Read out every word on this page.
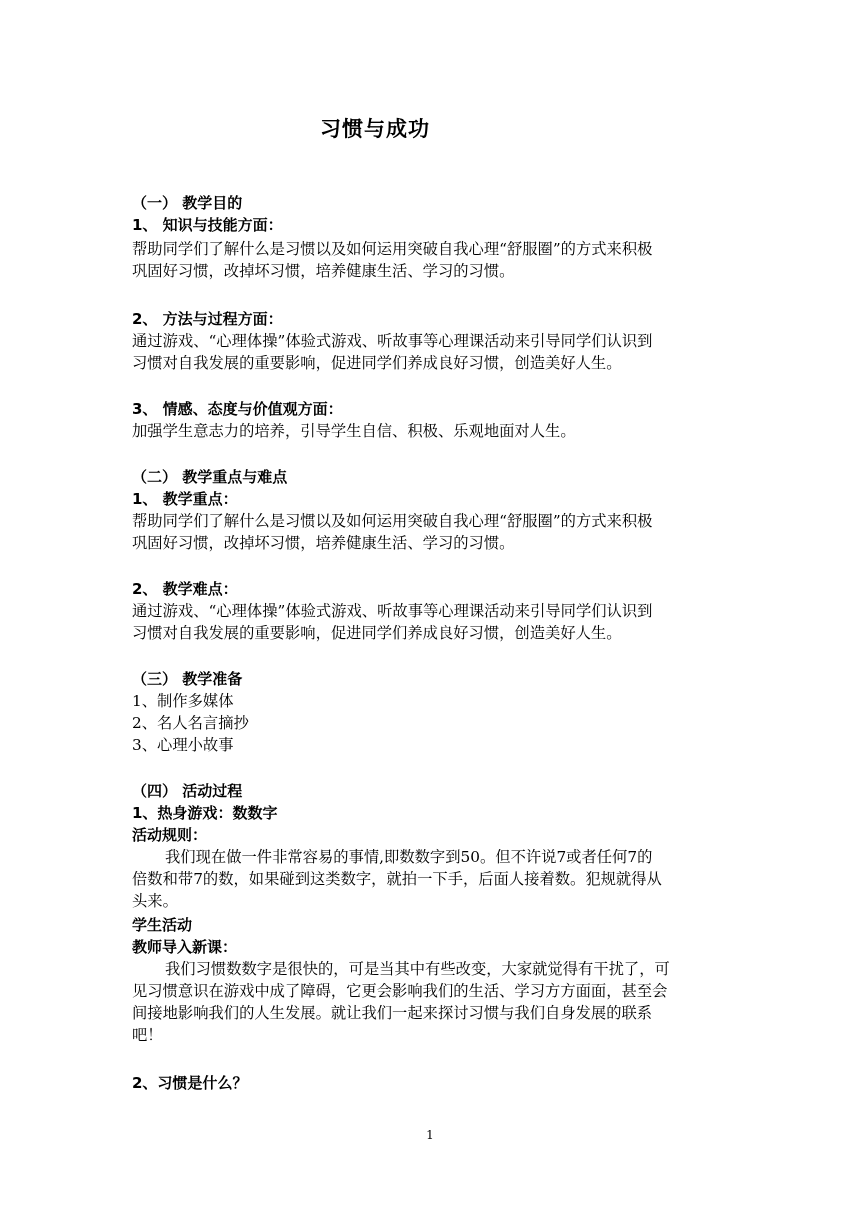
习惯与成功
（一） 教学目的
1、 知识与技能方面：
帮助同学们了解什么是习惯以及如何运用突破自我心理“舒服圈”的方式来积极
巩固好习惯，改掉坏习惯，培养健康生活、学习的习惯。
2、 方法与过程方面：
通过游戏、“心理体操”体验式游戏、听故事等心理课活动来引导同学们认识到
习惯对自我发展的重要影响，促进同学们养成良好习惯，创造美好人生。
3、 情感、态度与价值观方面：
加强学生意志力的培养，引导学生自信、积极、乐观地面对人生。
（二） 教学重点与难点
1、 教学重点：
帮助同学们了解什么是习惯以及如何运用突破自我心理“舒服圈”的方式来积极
巩固好习惯，改掉坏习惯，培养健康生活、学习的习惯。
2、 教学难点：
通过游戏、“心理体操”体验式游戏、听故事等心理课活动来引导同学们认识到
习惯对自我发展的重要影响，促进同学们养成良好习惯，创造美好人生。
（三） 教学准备
1、制作多媒体
2、名人名言摘抄
3、心理小故事
（四） 活动过程
1、热身游戏：数数字
活动规则：
我们现在做一件非常容易的事情,即数数字到50。但不许说7或者任何7的
倍数和带7的数，如果碰到这类数字，就拍一下手，后面人接着数。犯规就得从
头来。
学生活动
教师导入新课：
我们习惯数数字是很快的，可是当其中有些改变，大家就觉得有干扰了，可
见习惯意识在游戏中成了障碍，它更会影响我们的生活、学习方方面面，甚至会
间接地影响我们的人生发展。就让我们一起来探讨习惯与我们自身发展的联系
吧！
2、习惯是什么？
1
